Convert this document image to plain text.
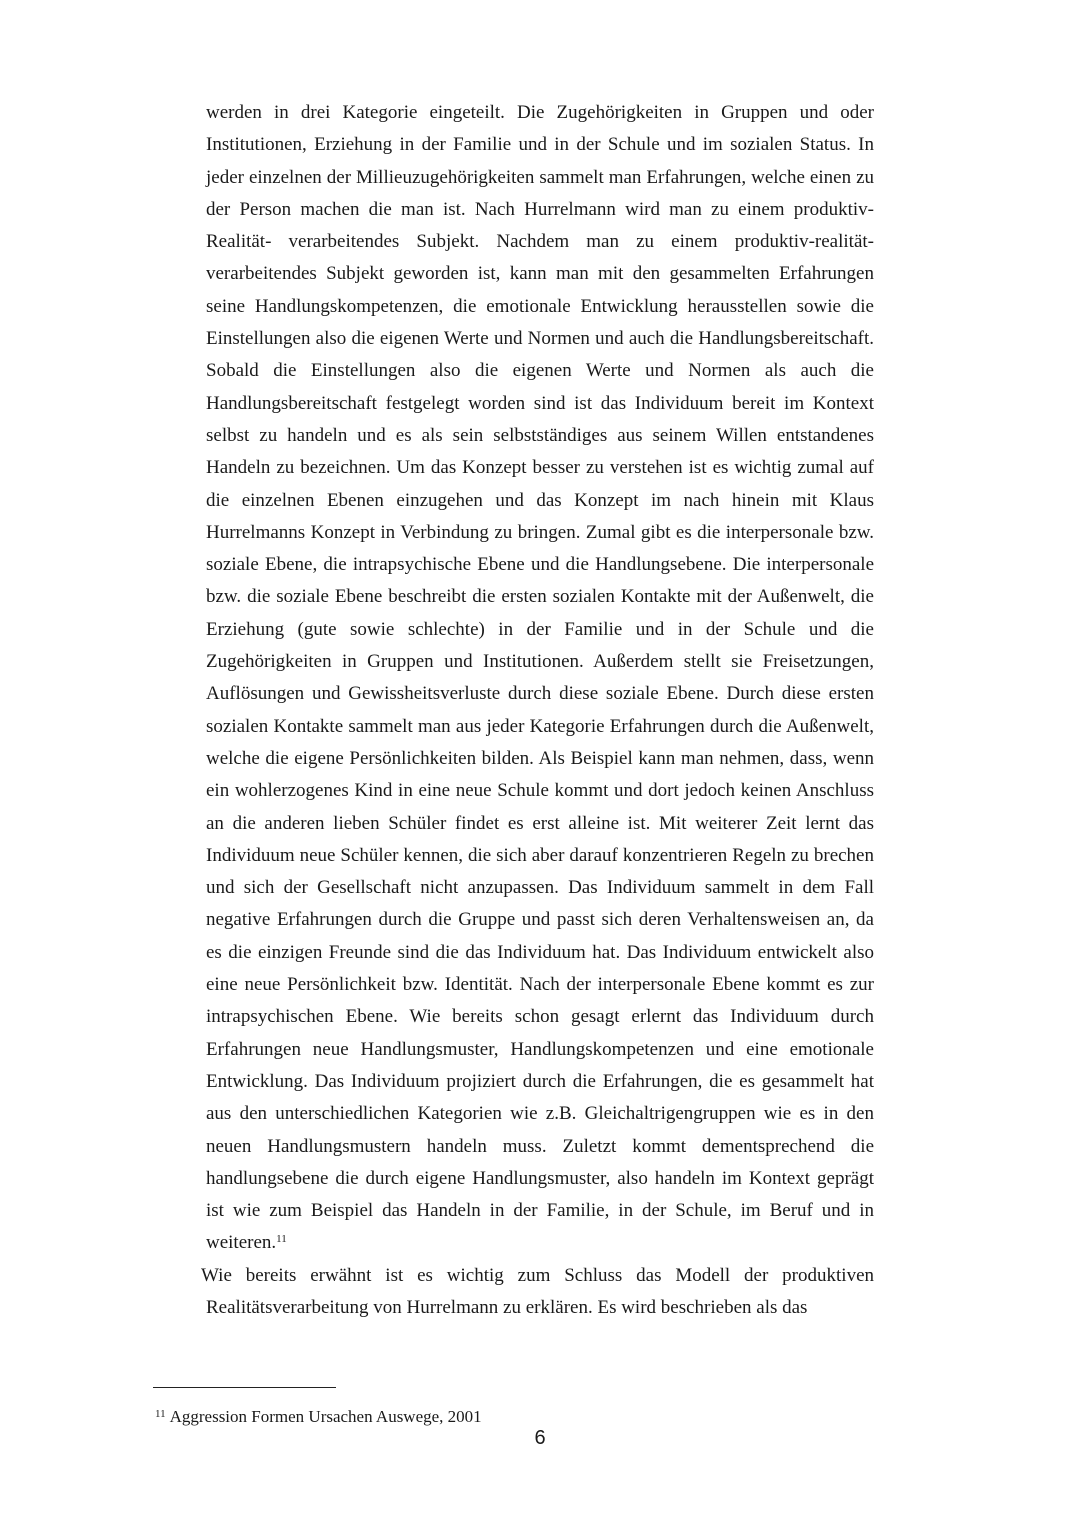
werden in drei Kategorie eingeteilt. Die Zugehörigkeiten in Gruppen und oder Institutionen, Erziehung in der Familie und in der Schule und im sozialen Status. In jeder einzelnen der Millieuzugehörigkeiten sammelt man Erfahrungen, welche einen zu der Person machen die man ist. Nach Hurrelmann wird man zu einem produktiv- Realität- verarbeitendes Subjekt. Nachdem man zu einem produktiv-realität-verarbeitendes Subjekt geworden ist, kann man mit den gesammelten Erfahrungen seine Handlungskompetenzen, die emotionale Entwicklung herausstellen sowie die Einstellungen also die eigenen Werte und Normen und auch die Handlungsbereitschaft. Sobald die Einstellungen also die eigenen Werte und Normen als auch die Handlungsbereitschaft festgelegt worden sind ist das Individuum bereit im Kontext selbst zu handeln und es als sein selbstständiges aus seinem Willen entstandenes Handeln zu bezeichnen. Um das Konzept besser zu verstehen ist es wichtig zumal auf die einzelnen Ebenen einzugehen und das Konzept im nach hinein mit Klaus Hurrelmanns Konzept in Verbindung zu bringen. Zumal gibt es die interpersonale bzw. soziale Ebene, die intrapsychische Ebene und die Handlungsebene. Die interpersonale bzw. die soziale Ebene beschreibt die ersten sozialen Kontakte mit der Außenwelt, die Erziehung (gute sowie schlechte) in der Familie und in der Schule und die Zugehörigkeiten in Gruppen und Institutionen. Außerdem stellt sie Freisetzungen, Auflösungen und Gewissheitsverluste durch diese soziale Ebene. Durch diese ersten sozialen Kontakte sammelt man aus jeder Kategorie Erfahrungen durch die Außenwelt, welche die eigene Persönlichkeiten bilden. Als Beispiel kann man nehmen, dass, wenn ein wohlerzogenes Kind in eine neue Schule kommt und dort jedoch keinen Anschluss an die anderen lieben Schüler findet es erst alleine ist. Mit weiterer Zeit lernt das Individuum neue Schüler kennen, die sich aber darauf konzentrieren Regeln zu brechen und sich der Gesellschaft nicht anzupassen. Das Individuum sammelt in dem Fall negative Erfahrungen durch die Gruppe und passt sich deren Verhaltensweisen an, da es die einzigen Freunde sind die das Individuum hat. Das Individuum entwickelt also eine neue Persönlichkeit bzw. Identität. Nach der interpersonale Ebene kommt es zur intrapsychischen Ebene. Wie bereits schon gesagt erlernt das Individuum durch Erfahrungen neue Handlungsmuster, Handlungskompetenzen und eine emotionale Entwicklung. Das Individuum projiziert durch die Erfahrungen, die es gesammelt hat aus den unterschiedlichen Kategorien wie z.B. Gleichaltrigengruppen wie es in den neuen Handlungsmustern handeln muss. Zuletzt kommt dementsprechend die handlungsebene die durch eigene Handlungsmuster, also handeln im Kontext geprägt ist wie zum Beispiel das Handeln in der Familie, in der Schule, im Beruf und in weiteren.$^{11}$

Wie bereits erwähnt ist es wichtig zum Schluss das Modell der produktiven Realitätsverarbeitung von Hurrelmann zu erklären. Es wird beschrieben als das

$^{11}$ Aggression Formen Ursachen Auswege, 2001
6
